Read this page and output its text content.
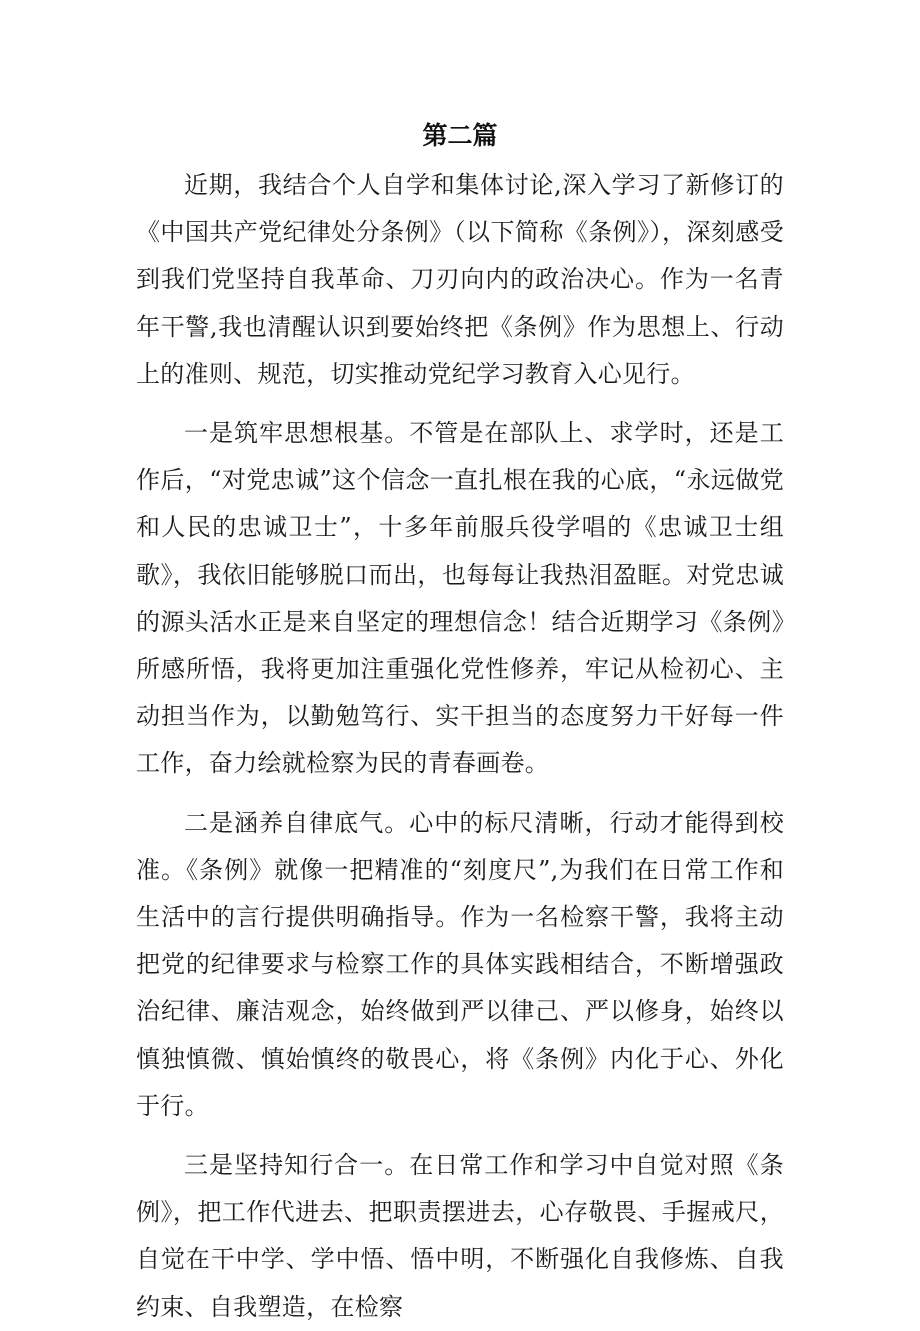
第二篇

近期，我结合个人自学和集体讨论,深入学习了新修订的《中国共产党纪律处分条例》（以下简称《条例》），深刻感受到我们党坚持自我革命、刀刃向内的政治决心。作为一名青年干警,我也清醒认识到要始终把《条例》作为思想上、行动上的准则、规范，切实推动党纪学习教育入心见行。

一是筑牢思想根基。不管是在部队上、求学时，还是工作后，“对党忠诚”这个信念一直扎根在我的心底，“永远做党和人民的忠诚卫士”，十多年前服兵役学唱的《忠诚卫士组歌》，我依旧能够脱口而出，也每每让我热泪盈眶。对党忠诚的源头活水正是来自坚定的理想信念！结合近期学习《条例》所感所悟，我将更加注重强化党性修养，牢记从检初心、主动担当作为，以勤勉笃行、实干担当的态度努力干好每一件工作，奋力绘就检察为民的青春画卷。

二是涵养自律底气。心中的标尺清晰，行动才能得到校准。《条例》就像一把精准的“刻度尺”,为我们在日常工作和生活中的言行提供明确指导。作为一名检察干警，我将主动把党的纪律要求与检察工作的具体实践相结合，不断增强政治纪律、廉洁观念，始终做到严以律己、严以修身，始终以慎独慎微、慎始慎终的敬畏心，将《条例》内化于心、外化于行。

三是坚持知行合一。在日常工作和学习中自觉对照《条例》，把工作代进去、把职责摆进去，心存敬畏、手握戒尺，自觉在干中学、学中悟、悟中明，不断强化自我修炼、自我约束、自我塑造，在检察
